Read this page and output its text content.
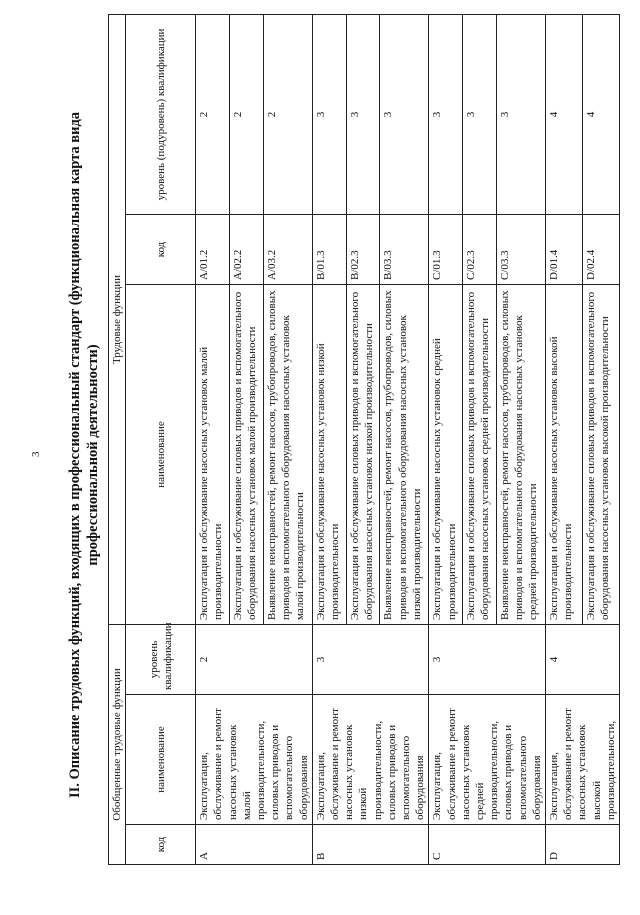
3 II. Описание трудовых функций, входящих в профессиональный стандарт (функциональная карта вида профессиональной деятельности)
Обобщенные трудовые функции			Трудовые функции		
код	наименование	уровень квалификации	наименование	код	уровень (подуровень) квалификации
A	Эксплуатация, обслуживание и ремонт насосных установок малой производительности, силовых приводов и вспомогательного оборудования	2	Эксплуатация и обслуживание насосных установок малой производительности	A/01.2	2
			Эксплуатация и обслуживание силовых приводов и вспомогательного оборудования насосных установок малой производительности	A/02.2	2
			Выявление неисправностей, ремонт насосов, трубопроводов, силовых приводов и вспомогательного оборудования насосных установок малой производительности	A/03.2	2
B	Эксплуатация, обслуживание и ремонт насосных установок низкой производительности, силовых приводов и вспомогательного оборудования	3	Эксплуатация и обслуживание насосных установок низкой производительности	B/01.3	3
			Эксплуатация и обслуживание силовых приводов и вспомогательного оборудования насосных установок низкой производительности	B/02.3	3
			Выявление неисправностей, ремонт насосов, трубопроводов, силовых приводов и вспомогательного оборудования насосных установок низкой производительности	B/03.3	3
C	Эксплуатация, обслуживание и ремонт насосных установок средней производительности, силовых приводов и вспомогательного оборудования	3	Эксплуатация и обслуживание насосных установок средней производительности	C/01.3	3
			Эксплуатация и обслуживание силовых приводов и вспомогательного оборудования насосных установок средней производительности	C/02.3	3
			Выявление неисправностей, ремонт насосов, трубопроводов, силовых приводов и вспомогательного оборудования насосных установок средней производительности	C/03.3	3
D	Эксплуатация, обслуживание и ремонт насосных установок высокой производительности,	4	Эксплуатация и обслуживание насосных установок высокой производительности	D/01.4	4
			Эксплуатация и обслуживание силовых приводов и вспомогательного оборудования насосных установок высокой производительности	D/02.4	4
